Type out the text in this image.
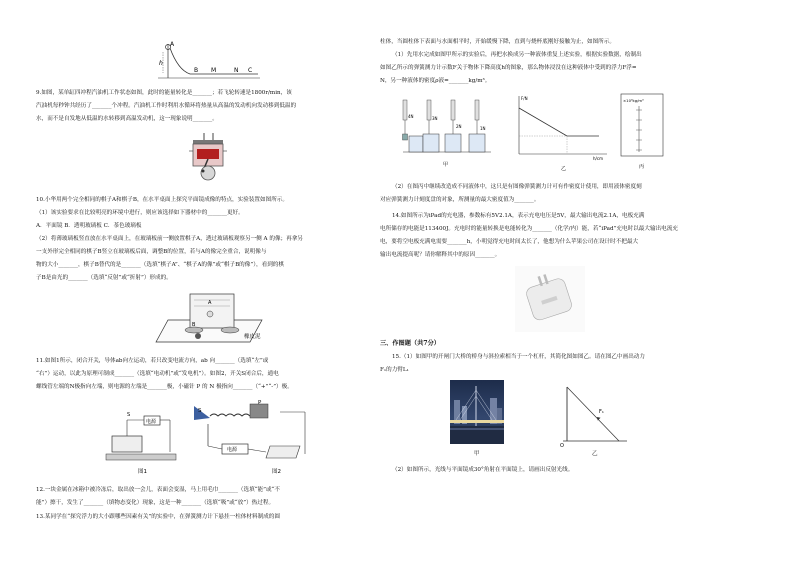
A
h
B M	N C
9.如图，某单缸四冲程汽油机工作状态如图，此时的能量转化是_______；若飞轮转速是1800r/min，该
汽油机每秒钟共经历了_______个冲程。汽油机工作时利用水循环将热量从高温的发动机向发动移到低温的
水，而不是自发地从低温的水转移到高温发动机，这一现象说明_______。
10.小华用两个完全相同的棋子A和棋子B，在水平桌面上探究平面镜成像的特点，实验装置如图所示。
（1）该实验要求在比较明亮的环境中进行，则应该选择如下器材中的_______更好。
A．平面镜 B．透明玻璃板 C．茶色玻璃板
（2）将薄玻璃板竖直放在水平桌面上，在玻璃板前一侧放置棋子A，透过玻璃板观察另一侧 A 的像；再拿另
一支外形完全相同的棋子B竖立在玻璃板后面，调整B的位置，若与A的像完全重合，说明像与
物的大小_______，棋子B替代的是_______（选填“棋子A”、“棋子A的像”或“棋子B的像”），看到的棋
子B是由光的_______（选填“反射”或“折射”）形成的。
A
B
橡皮泥
11.如图1所示，闭合开关，导体ab向左运动，若只改变电流方向，ab 向_______（选填“左”或
“右”）运动，以此为原理可制成_______（选填“电动机”或“发电机”）。如图2，开关S闭合后，通电
螺线管左端的N极指向左端，则电源的左端是_______极，小磁针 P 的 N 极指向_______（“+”“-”）极。
电源
S
图1
P
S
电源
图2
12.一块金属在冰箱中被冷冻后，取出放一会儿，表面会变湿，马上用毛巾_______（选填“能”或“不
能”）擦干，发生了_______（填物态变化）现象，这是一种_______（选填“吸”或“放”）热过程。
13.某同学在“探究浮力的大小跟哪些因素有关”的实验中，在弹簧测力计下悬挂一柱体材料制成的圆
柱体，当圆柱体下表面与水面相平时，开始缓慢下降，直到与烧杯底刚好接触为止，如图所示。
（1）先用水完成如图甲所示的实验后，再把水换成另一种液体重复上述实验，根据实验数据，绘制出
如图乙所示的弹簧测力计示数F关于物体下降高度h的图象，那么物体浸没在这种液体中受到的浮力F浮=
N，另一种液体的密度ρ液=_______kg/m³。
4N	3N
2N	1N
甲
F/N
h/cm
乙
×10³kg/m³
丙
（2）在图丙中继续改造成不同液体中，这只是有图像弹簧测力计可有作密度计使用，即用液体密度刻
对应弹簧测力计刻度盘的对象，所测量的最大密度值为_______。
14.如图所示为iPad的充电器，参数标有5V2.1A，表示充电电压是5V，最大输出电流2.1A，电板充满
电所储存的电能是113400J。充电时的能量转换是电能转化为_______（化学/内）能，若“iPad”充电时以最大输出电流充
电，要将空电板充满电需要_______h，小明觉得充电时间太长了，他想为什么苹果公司在设计时不把最大
输出电流提高呢？请你解释其中的原因_______。
三、作图题（共7分）
15.（1）如图甲的开闸门大桥的桥身与斜拉索相当于一个杠杆，其简化图如图乙。请在图乙中画出动力
F₁的力臂L₁
甲
F₁
O
乙
（2）如图所示，光线与平面镜成30°角射在平面镜上，请画出反射光线。
